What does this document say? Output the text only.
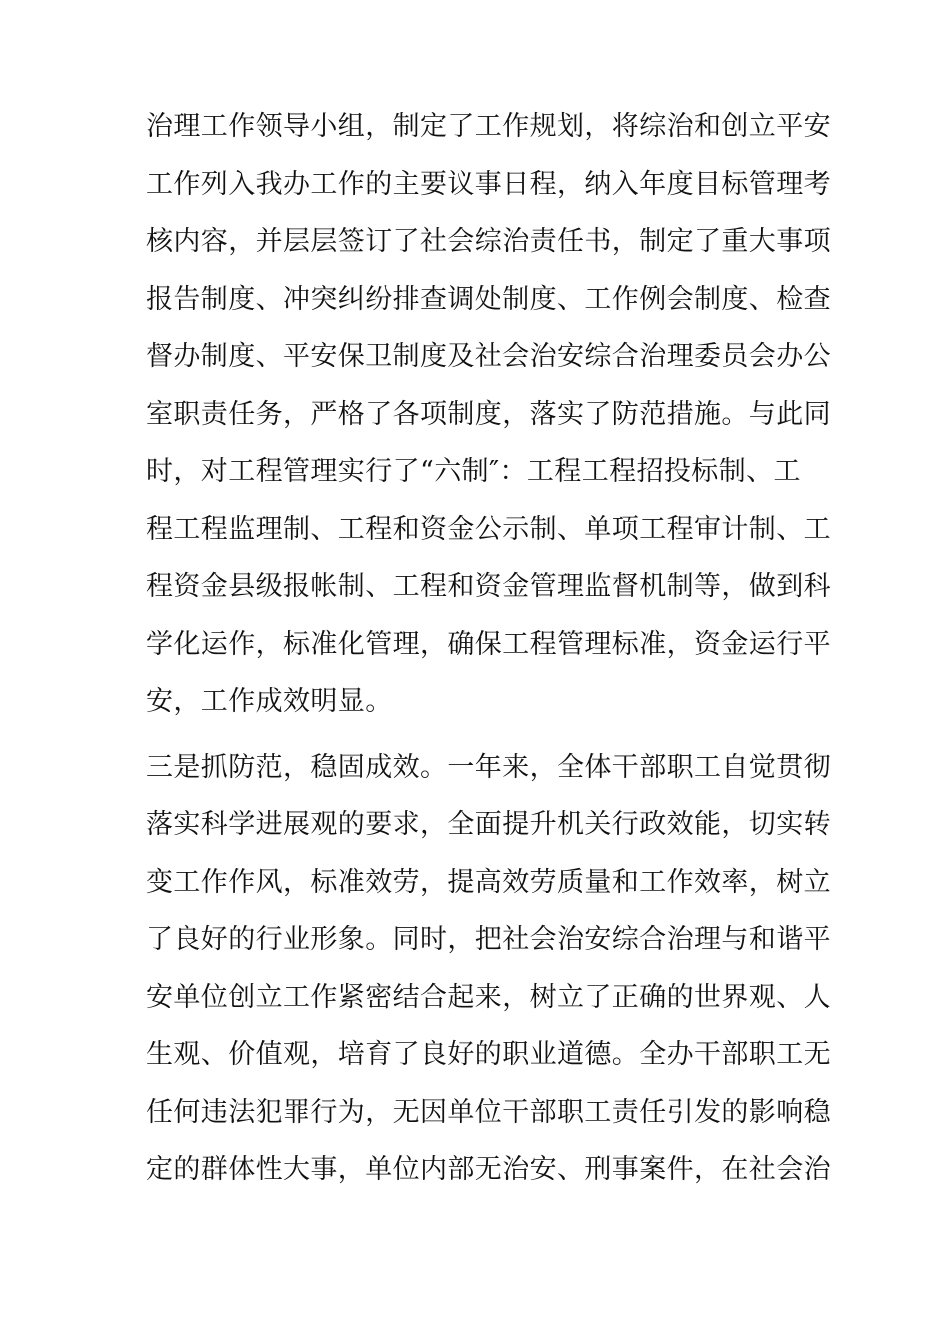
治理工作领导小组，制定了工作规划，将综治和创立平安
工作列入我办工作的主要议事日程，纳入年度目标管理考
核内容，并层层签订了社会综治责任书，制定了重大事项
报告制度、冲突纠纷排查调处制度、工作例会制度、检查
督办制度、平安保卫制度及社会治安综合治理委员会办公
室职责任务，严格了各项制度，落实了防范措施。与此同
时，对工程管理实行了“六制″：工程工程招投标制、工
程工程监理制、工程和资金公示制、单项工程审计制、工
程资金县级报帐制、工程和资金管理监督机制等，做到科
学化运作，标准化管理，确保工程管理标准，资金运行平
安，工作成效明显。
三是抓防范，稳固成效。一年来，全体干部职工自觉贯彻
落实科学进展观的要求，全面提升机关行政效能，切实转
变工作作风，标准效劳，提高效劳质量和工作效率，树立
了良好的行业形象。同时，把社会治安综合治理与和谐平
安单位创立工作紧密结合起来，树立了正确的世界观、人
生观、价值观，培育了良好的职业道德。全办干部职工无
任何违法犯罪行为，无因单位干部职工责任引发的影响稳
定的群体性大事，单位内部无治安、刑事案件，在社会治
